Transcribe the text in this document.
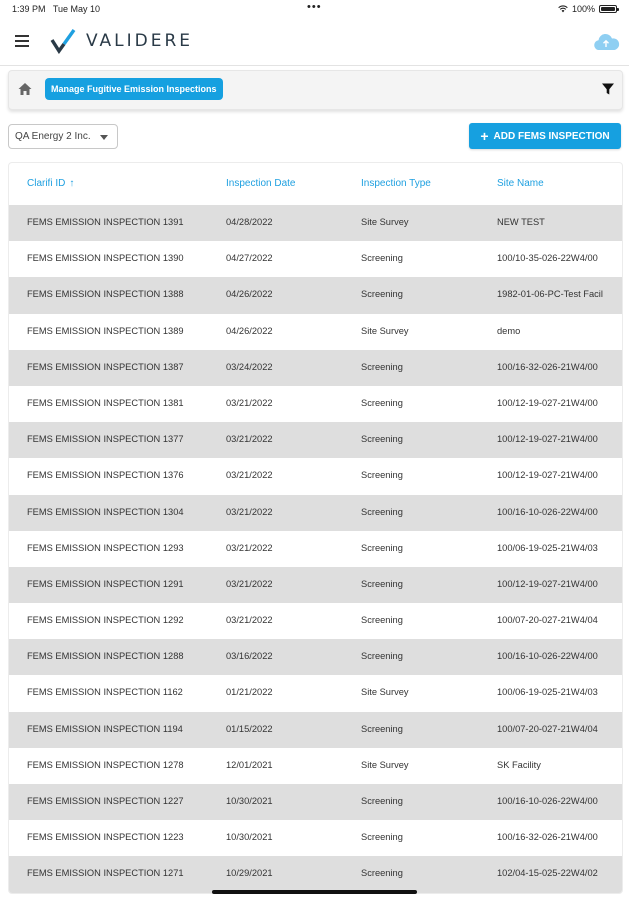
1:39 PM Tue May 10	•••	100%
VALIDERE
Manage Fugitive Emission Inspections
QA Energy 2 Inc.	+ ADD FEMS INSPECTION
Clarifi ID ↑	Inspection Date	Inspection Type	Site Name
FEMS EMISSION INSPECTION 1391	04/28/2022	Site Survey	NEW TEST
FEMS EMISSION INSPECTION 1390	04/27/2022	Screening	100/10-35-026-22W4/00
FEMS EMISSION INSPECTION 1388	04/26/2022	Screening	1982-01-06-PC-Test Facil
FEMS EMISSION INSPECTION 1389	04/26/2022	Site Survey	demo
FEMS EMISSION INSPECTION 1387	03/24/2022	Screening	100/16-32-026-21W4/00
FEMS EMISSION INSPECTION 1381	03/21/2022	Screening	100/12-19-027-21W4/00
FEMS EMISSION INSPECTION 1377	03/21/2022	Screening	100/12-19-027-21W4/00
FEMS EMISSION INSPECTION 1376	03/21/2022	Screening	100/12-19-027-21W4/00
FEMS EMISSION INSPECTION 1304	03/21/2022	Screening	100/16-10-026-22W4/00
FEMS EMISSION INSPECTION 1293	03/21/2022	Screening	100/06-19-025-21W4/03
FEMS EMISSION INSPECTION 1291	03/21/2022	Screening	100/12-19-027-21W4/00
FEMS EMISSION INSPECTION 1292	03/21/2022	Screening	100/07-20-027-21W4/04
FEMS EMISSION INSPECTION 1288	03/16/2022	Screening	100/16-10-026-22W4/00
FEMS EMISSION INSPECTION 1162	01/21/2022	Site Survey	100/06-19-025-21W4/03
FEMS EMISSION INSPECTION 1194	01/15/2022	Screening	100/07-20-027-21W4/04
FEMS EMISSION INSPECTION 1278	12/01/2021	Site Survey	SK Facility
FEMS EMISSION INSPECTION 1227	10/30/2021	Screening	100/16-10-026-22W4/00
FEMS EMISSION INSPECTION 1223	10/30/2021	Screening	100/16-32-026-21W4/00
FEMS EMISSION INSPECTION 1271	10/29/2021	Screening	102/04-15-025-22W4/02
